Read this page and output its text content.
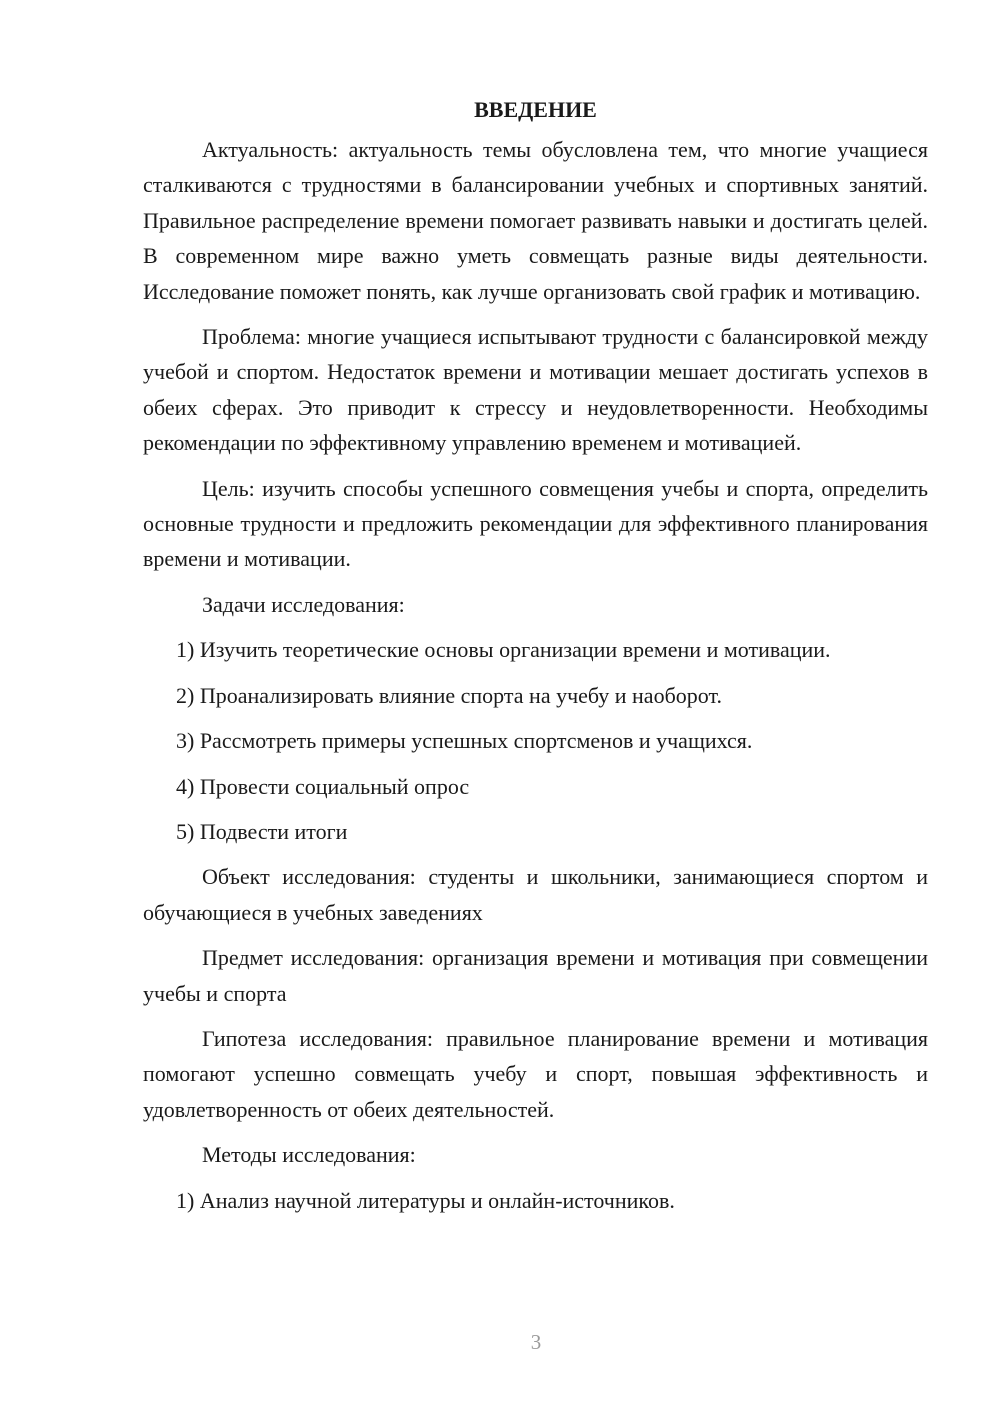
ВВЕДЕНИЕ

Актуальность: актуальность темы обусловлена тем, что многие учащиеся сталкиваются с трудностями в балансировании учебных и спортивных занятий. Правильное распределение времени помогает развивать навыки и достигать целей. В современном мире важно уметь совмещать разные виды деятельности. Исследование поможет понять, как лучше организовать свой график и мотивацию.

Проблема: многие учащиеся испытывают трудности с балансировкой между учебой и спортом. Недостаток времени и мотивации мешает достигать успехов в обеих сферах. Это приводит к стрессу и неудовлетворенности. Необходимы рекомендации по эффективному управлению временем и мотивацией.

Цель: изучить способы успешного совмещения учебы и спорта, определить основные трудности и предложить рекомендации для эффективного планирования времени и мотивации.

Задачи исследования:

1) Изучить теоретические основы организации времени и мотивации.

2) Проанализировать влияние спорта на учебу и наоборот.

3) Рассмотреть примеры успешных спортсменов и учащихся.

4) Провести социальный опрос

5) Подвести итоги

Объект исследования: студенты и школьники, занимающиеся спортом и обучающиеся в учебных заведениях

Предмет исследования: организация времени и мотивация при совмещении учебы и спорта

Гипотеза исследования: правильное планирование времени и мотивация помогают успешно совмещать учебу и спорт, повышая эффективность и удовлетворенность от обеих деятельностей.

Методы исследования:

1) Анализ научной литературы и онлайн-источников.

3
